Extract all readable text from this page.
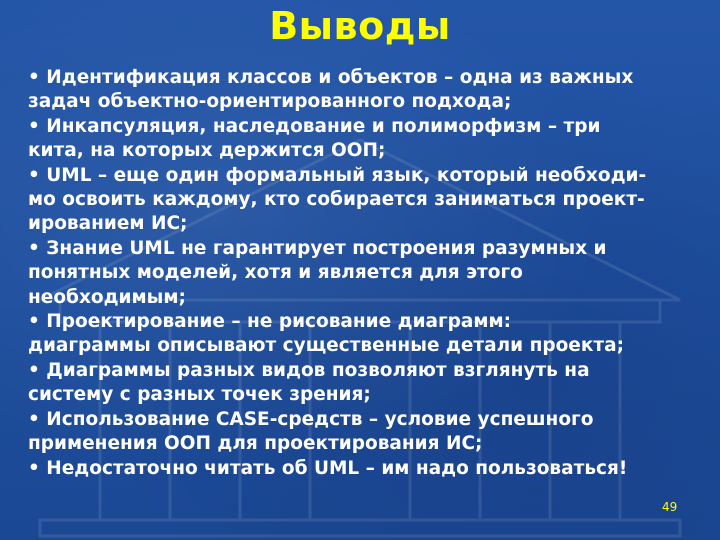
Выводы
• Идентификация классов и объектов – одна из важных
задач объектно-ориентированного подхода;
• Инкапсуляция, наследование и полиморфизм – три
кита, на которых держится ООП;
• UML – еще один формальный язык, который необходи-
мо освоить каждому, кто собирается заниматься проект-
ированием ИС;
• Знание UML не гарантирует построения разумных и
понятных моделей, хотя и является для этого
необходимым;
• Проектирование – не рисование диаграмм:
диаграммы описывают существенные детали проекта;
• Диаграммы разных видов позволяют взглянуть на
систему с разных точек зрения;
• Использование CASE-средств – условие успешного
применения ООП для проектирования ИС;
• Недостаточно читать об UML – им надо пользоваться!
49
